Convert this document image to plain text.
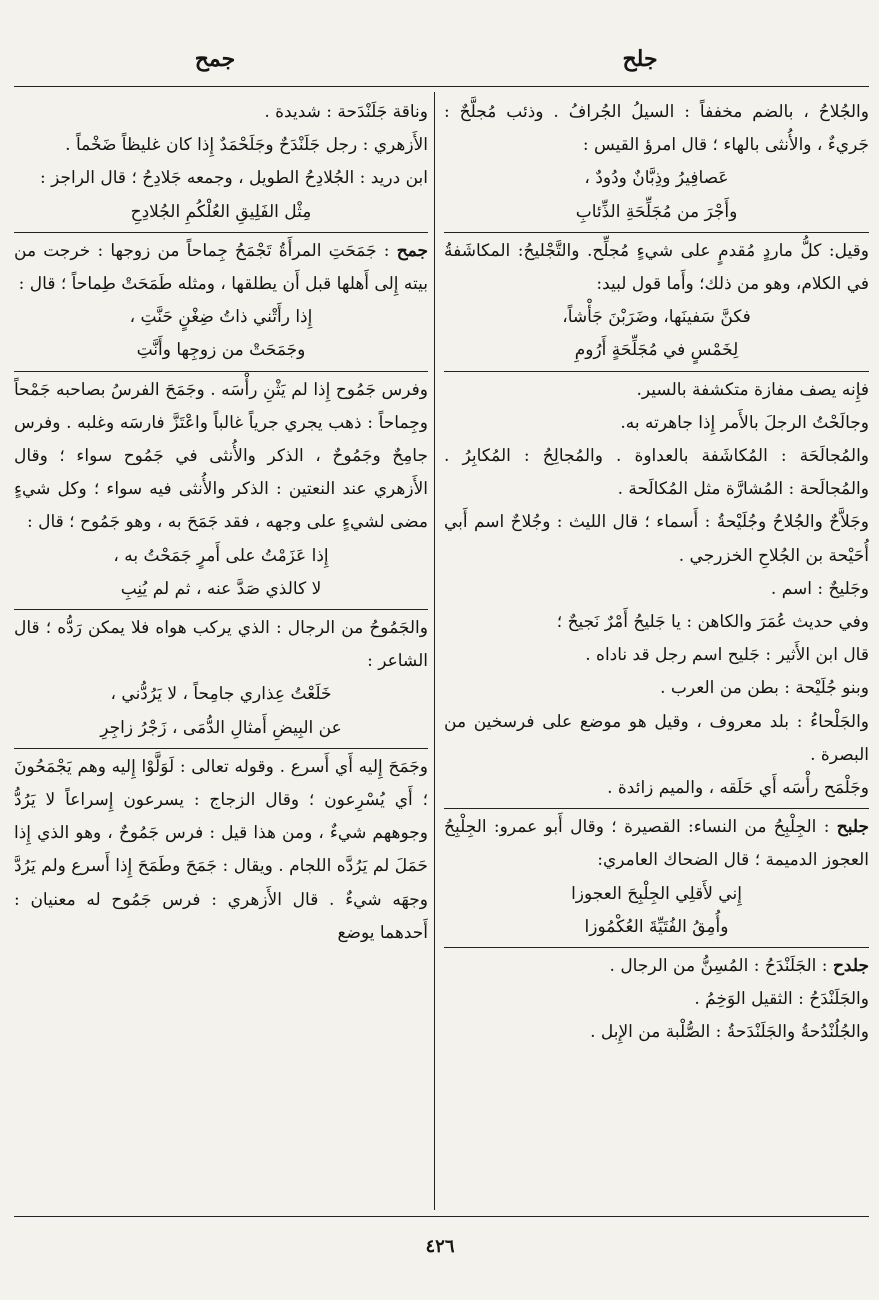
جلح
جمح

والجُلاحُ ، بالضم مخففاً : السيلُ الجُرافُ . وذئب مُجلَّحٌ : جَريءٌ ، والأُنثى بالهاء ؛ قال امرؤ القيس :

عَصافِيرُ وذِبَّانٌ ودُودٌ ،

وأَجْرَ من مُجَلِّحَةِ الذِّئابِ

وقيل: كلُّ ماردٍ مُقدمٍ على شيءٍ مُجلِّح. والتَّجْليحُ: المكاشَفةُ في الكلام، وهو من ذلك؛ وأَما قول لبيد:

فكنَّ سَفينَها، وضَرَبْنَ جَأْشاً،

لِخَمْسٍ في مُجَلِّحَةٍ أَرُومِ

فإِنه يصف مفازة متكشفة بالسير.

وجالَحْتُ الرجلَ بالأَمر إِذا جاهرته به.

والمُجالَحَة : المُكاشَفة بالعداوة . والمُجالِحُ : المُكابِرُ . والمُجالَحة : المُشارَّة مثل المُكالَحة .

وجَلاَّحٌ والجُلاحُ وجُلَيْحةُ : أَسماء ؛ قال الليث : وجُلاحٌ اسم أَبي أُحَيْحة بن الجُلاحِ الخزرجي .

وجَليحٌ : اسم .

وفي حديث عُمَرَ والكاهن : يا جَليحُ أَمْرٌ نَجيحٌ ؛

قال ابن الأَثير : جَليح اسم رجل قد ناداه .

وبنو جُلَيْحة : بطن من العرب .

والجَلْحاءُ : بلد معروف ، وقيل هو موضع على فرسخين من البصرة .

وجَلْمَح رأْسَه أَي حَلَقه ، والميم زائدة .

جلبح : الجِلْبِحُ من النساء: القصيرة ؛ وقال أَبو عمرو: الجِلْبِحُ العجوز الدميمة ؛ قال الضحاك العامري:

إِني لأَقلِي الجِلْبِحَ العجوزا

وأُمِقُ الفُتَيِّةَ العُكْمُوزا

جلدح : الجَلَنْدَحُ : المُسِنُّ من الرجال .

والجَلَنْدَحُ : الثقيل الوَخِمُ .

والجُلُنْدُحةُ والجَلَنْدَحةُ : الصُّلْبة من الإِبل .

وناقة جَلَنْدَحة : شديدة .

الأَزهري : رجل جَلَنْدَحٌ وجَلَحْمَدٌ إِذا كان غليظاً ضَخْماً .

ابن دريد : الجُلادِحُ الطويل ، وجمعه جَلادِحُ ؛ قال الراجز :

مِثْل الفَلِيقِ العُلْكُمِ الجُلادِحِ

جمح : جَمَحَتِ المرأَةُ تَجْمَحُ جِماحاً من زوجها : خرجت من بيته إِلى أَهلها قبل أَن يطلقها ، ومثله طَمَحَتْ طِماحاً ؛ قال :

إِذا رأَتْني ذاتُ ضِغْنٍ حَنَّتِ ،

وجَمَحَتْ من زوجِها وأَنَّتِ

وفرس جَمُوح إِذا لم يَثْنِ رأْسَه . وجَمَحَ الفرسُ بصاحبه جَمْحاً وجِماحاً : ذهب يجري جرياً غالباً واعْتَزَّ فارسَه وغلبه . وفرس جامِحٌ وجَمُوحٌ ، الذكر والأُنثى في جَمُوح سواء ؛ وقال الأَزهري عند النعتين : الذكر والأُنثى فيه سواء ؛ وكل شيءٍ مضى لشيءٍ على وجهه ، فقد جَمَحَ به ، وهو جَمُوح ؛ قال :

إِذا عَزَمْتُ على أَمرٍ جَمَحْتُ به ،

لا كالذي صَدَّ عنه ، ثم لم يُنِبِ

والجَمُوحُ من الرجال : الذي يركب هواه فلا يمكن رَدُّه ؛ قال الشاعر :

خَلَعْتُ عِذاري جامِحاً ، لا يَرُدُّني ،

عن البِيضِ أَمثالِ الدُّمَى ، زَجْرُ زاجِرِ

وجَمَحَ إِليه أَي أَسرع . وقوله تعالى : لَوَلَّوْا إِليه وهم يَجْمَحُونَ ؛ أَي يُسْرِعون ؛ وقال الزجاج : يسرعون إِسراعاً لا يَرُدُّ وجوههم شيءٌ ، ومن هذا قيل : فرس جَمُوحٌ ، وهو الذي إِذا حَمَلَ لم يَرُدَّه اللجام . ويقال : جَمَحَ وطَمَحَ إِذا أَسرع ولم يَرُدَّ وجهَه شيءٌ . قال الأَزهري : فرس جَمُوح له معنيان : أَحدهما يوضع

٤٢٦
